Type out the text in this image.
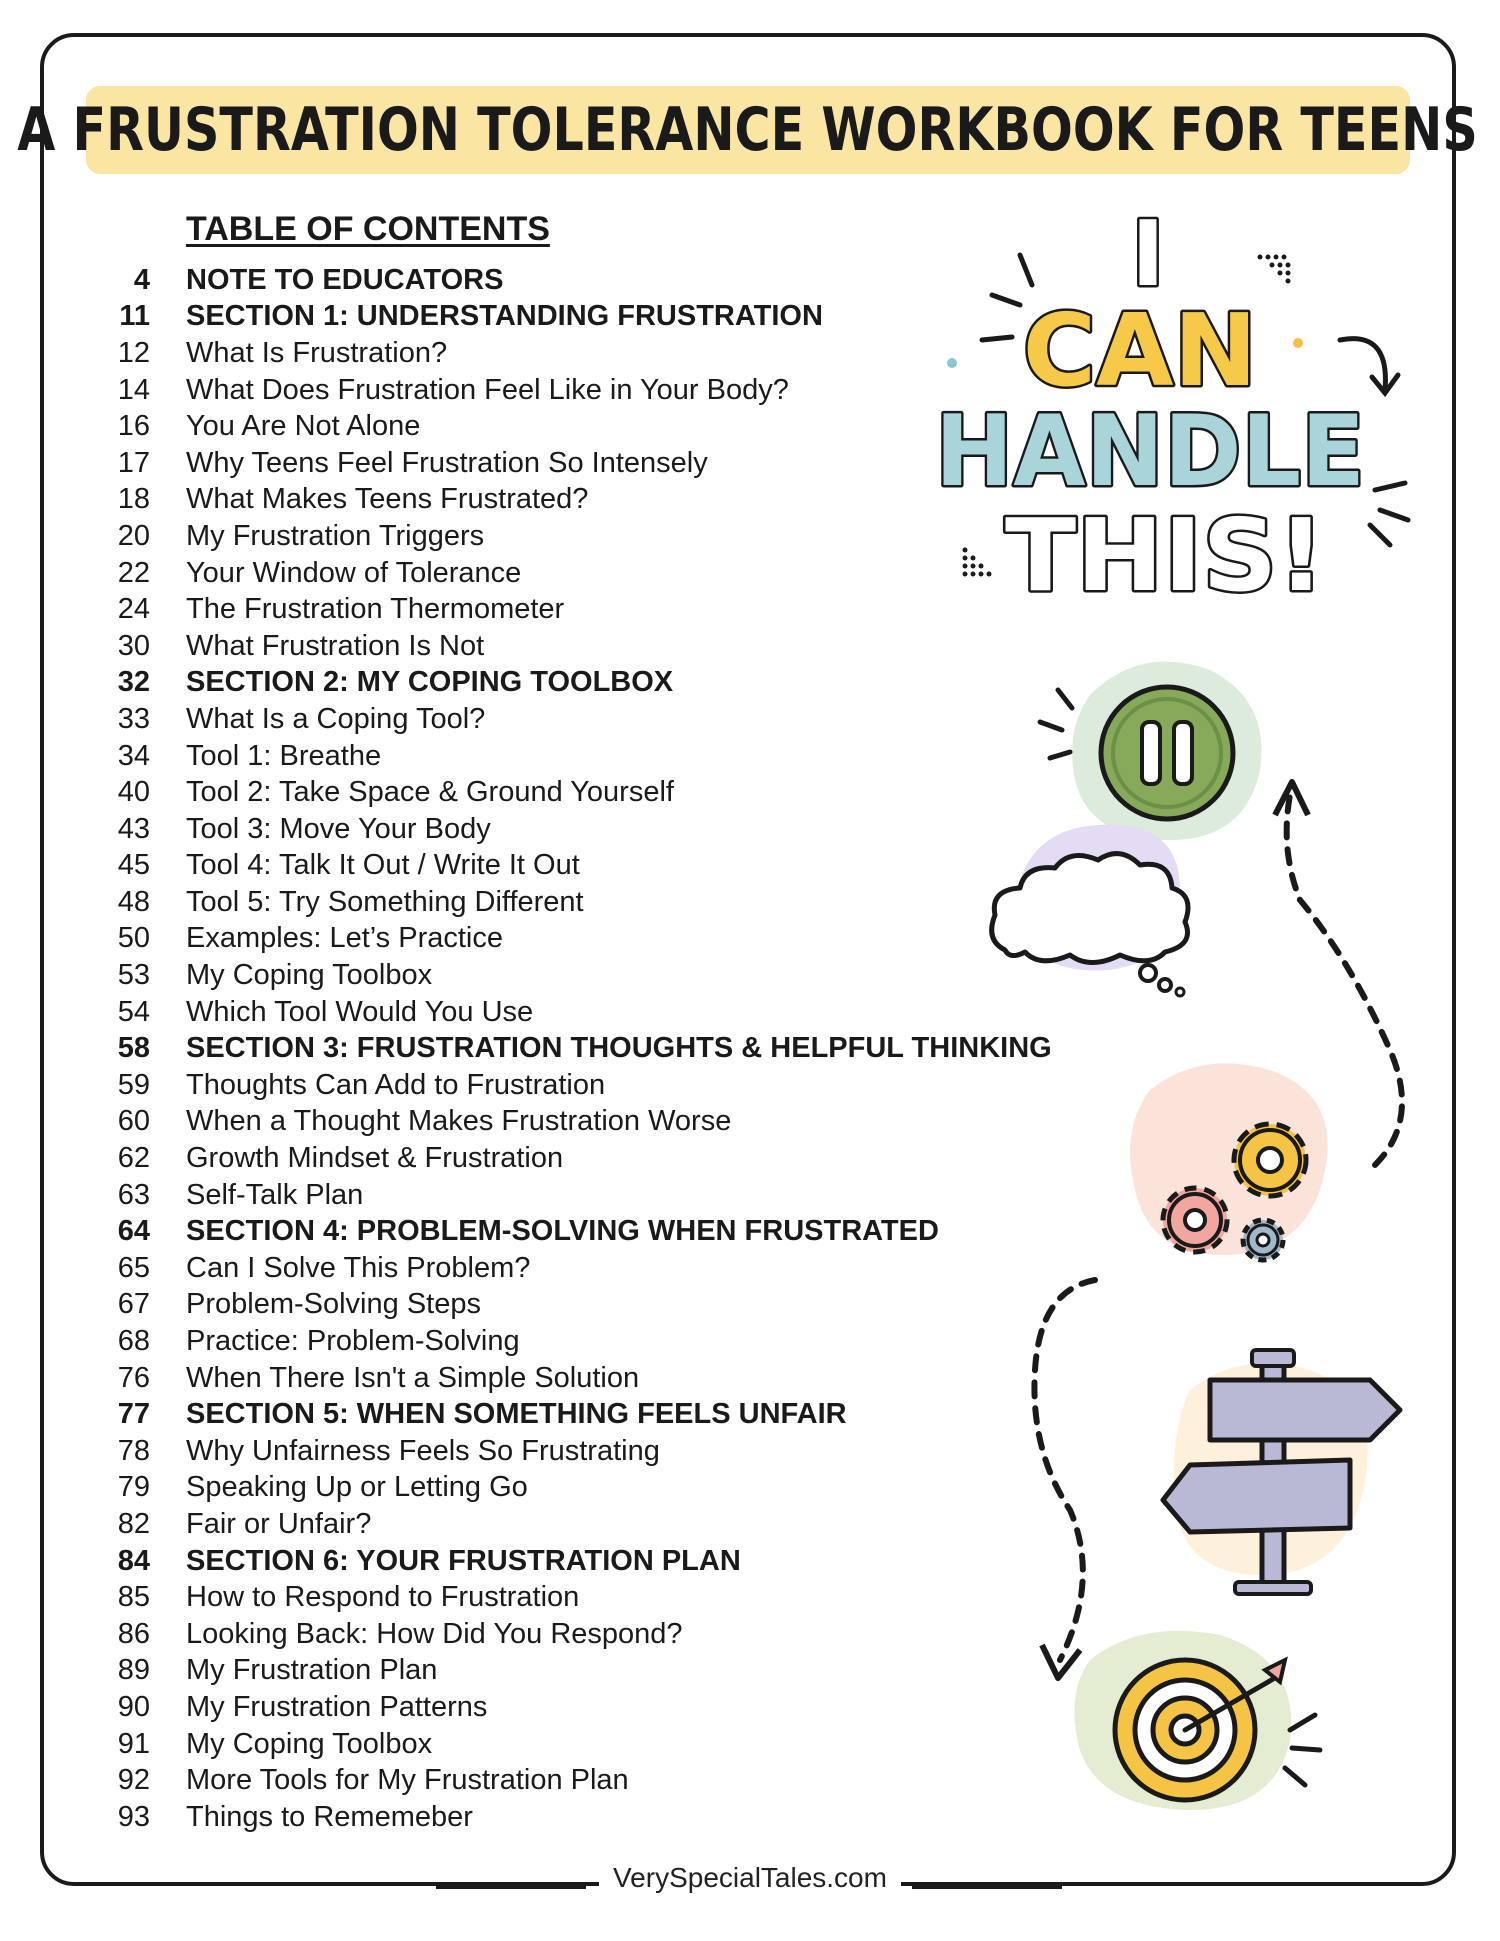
A FRUSTRATION TOLERANCE WORKBOOK FOR TEENS
TABLE OF CONTENTS
4 NOTE TO EDUCATORS
11 SECTION 1: UNDERSTANDING FRUSTRATION
12 What Is Frustration?
14 What Does Frustration Feel Like in Your Body?
16 You Are Not Alone
17 Why Teens Feel Frustration So Intensely
18 What Makes Teens Frustrated?
20 My Frustration Triggers
22 Your Window of Tolerance
24 The Frustration Thermometer
30 What Frustration Is Not
32 SECTION 2: MY COPING TOOLBOX
33 What Is a Coping Tool?
34 Tool 1: Breathe
40 Tool 2: Take Space & Ground Yourself
43 Tool 3: Move Your Body
45 Tool 4: Talk It Out / Write It Out
48 Tool 5: Try Something Different
50 Examples: Let’s Practice
53 My Coping Toolbox
54 Which Tool Would You Use
58 SECTION 3: FRUSTRATION THOUGHTS & HELPFUL THINKING
59 Thoughts Can Add to Frustration
60 When a Thought Makes Frustration Worse
62 Growth Mindset & Frustration
63 Self-Talk Plan
64 SECTION 4: PROBLEM-SOLVING WHEN FRUSTRATED
65 Can I Solve This Problem?
67 Problem-Solving Steps
68 Practice: Problem-Solving
76 When There Isn't a Simple Solution
77 SECTION 5: WHEN SOMETHING FEELS UNFAIR
78 Why Unfairness Feels So Frustrating
79 Speaking Up or Letting Go
82 Fair or Unfair?
84 SECTION 6: YOUR FRUSTRATION PLAN
85 How to Respond to Frustration
86 Looking Back: How Did You Respond?
89 My Frustration Plan
90 My Frustration Patterns
91 My Coping Toolbox
92 More Tools for My Frustration Plan
93 Things to Rememeber
I
CAN
HANDLE
THIS!
VerySpecialTales.com
